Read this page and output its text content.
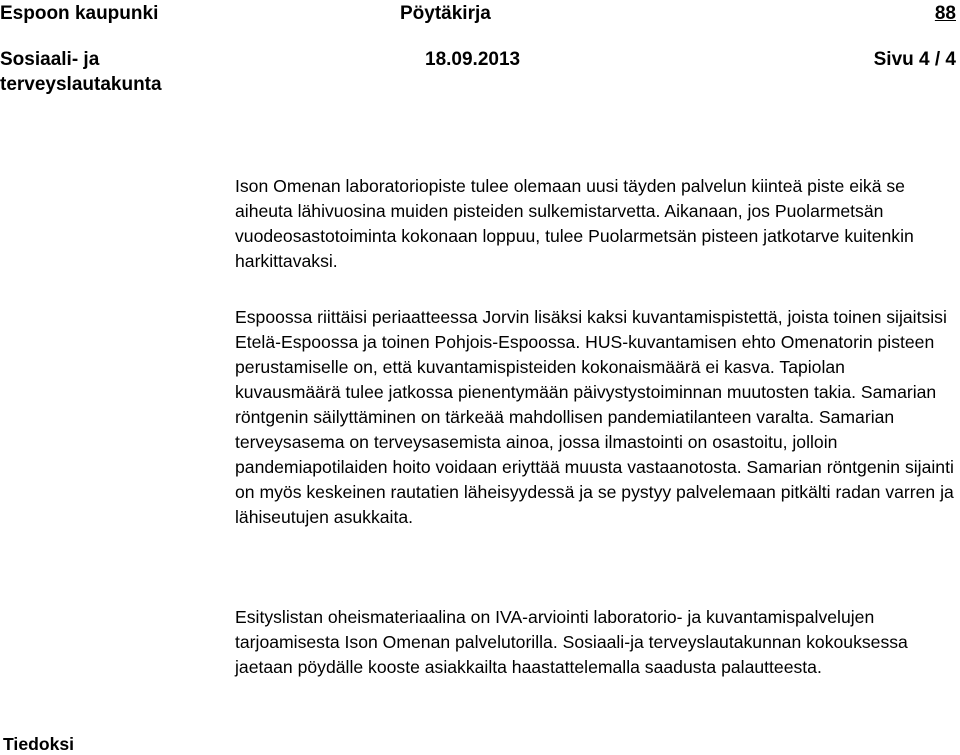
Espoon kaupunki	Pöytäkirja	88
Sosiaali- ja
terveyslautakunta
18.09.2013	Sivu 4 / 4

Ison Omenan laboratoriopiste tulee olemaan uusi täyden palvelun kiinteä piste eikä se aiheuta lähivuosina muiden pisteiden sulkemistarvetta. Aikanaan, jos Puolarmetsän vuodeosastotoiminta kokonaan loppuu, tulee Puolarmetsän pisteen jatkotarve kuitenkin harkittavaksi.

Espoossa riittäisi periaatteessa Jorvin lisäksi kaksi kuvantamispistettä, joista toinen sijaitsisi Etelä-Espoossa ja toinen Pohjois-Espoossa. HUS-kuvantamisen ehto Omenatorin pisteen perustamiselle on, että kuvantamispisteiden kokonaismäärä ei kasva. Tapiolan kuvausmäärä tulee jatkossa pienentymään päivystystoiminnan muutosten takia. Samarian röntgenin säilyttäminen on tärkeää mahdollisen pandemiatilanteen varalta. Samarian terveysasema on terveysasemista ainoa, jossa ilmastointi on osastoitu, jolloin pandemiapotilaiden hoito voidaan eriyttää muusta vastaanotosta. Samarian röntgenin sijainti on myös keskeinen rautatien läheisyydessä ja se pystyy palvelemaan pitkälti radan varren ja lähiseutujen asukkaita.

Esityslistan oheismateriaalina on IVA-arviointi laboratorio- ja kuvantamispalvelujen tarjoamisesta Ison Omenan palvelutorilla. Sosiaali-ja terveyslautakunnan kokouksessa jaetaan pöydälle kooste asiakkailta haastattelemalla saadusta palautteesta.

Tiedoksi
